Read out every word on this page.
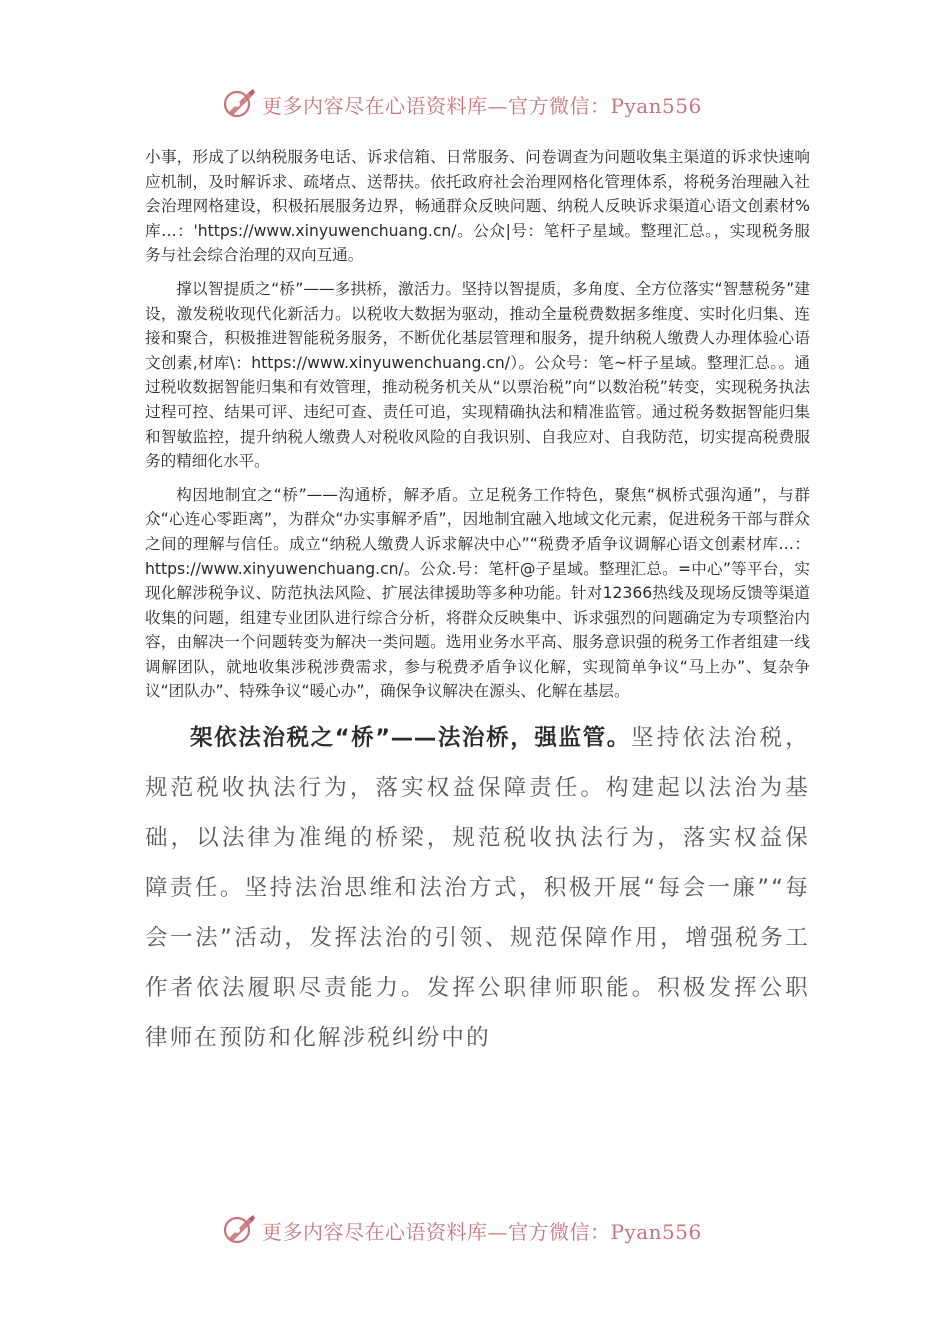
更多内容尽在心语资料库—官方微信：Pyan556

小事，形成了以纳税服务电话、诉求信箱、日常服务、问卷调查为问题收集主渠道的诉求快速响应机制，及时解诉求、疏堵点、送帮扶。依托政府社会治理网格化管理体系，将税务治理融入社会治理网格建设，积极拓展服务边界，畅通群众反映问题、纳税人反映诉求渠道心语文创素材%库…：'https://www.xinyuwenchuang.cn/。公众|号：笔杆子星域。整理汇总。，实现税务服务与社会综合治理的双向互通。

撑以智提质之“桥”——多拱桥，激活力。坚持以智提质，多角度、全方位落实“智慧税务”建设，激发税收现代化新活力。以税收大数据为驱动，推动全量税费数据多维度、实时化归集、连接和聚合，积极推进智能税务服务，不断优化基层管理和服务，提升纳税人缴费人办理体验心语文创素,材库\：https://www.xinyuwenchuang.cn/）。公众号：笔~杆子星域。整理汇总。。通过税收数据智能归集和有效管理，推动税务机关从“以票治税”向“以数治税”转变，实现税务执法过程可控、结果可评、违纪可查、责任可追，实现精确执法和精准监管。通过税务数据智能归集和智敏监控，提升纳税人缴费人对税收风险的自我识别、自我应对、自我防范，切实提高税费服务的精细化水平。

构因地制宜之“桥”——沟通桥，解矛盾。立足税务工作特色，聚焦“枫桥式强沟通”，与群众“心连心零距离”，为群众“办实事解矛盾”，因地制宜融入地域文化元素，促进税务干部与群众之间的理解与信任。成立“纳税人缴费人诉求解决中心”“税费矛盾争议调解心语文创素材库…：https://www.xinyuwenchuang.cn/。公众.号：笔杆@子星域。整理汇总。=中心”等平台，实现化解涉税争议、防范执法风险、扩展法律援助等多种功能。针对12366热线及现场反馈等渠道收集的问题，组建专业团队进行综合分析，将群众反映集中、诉求强烈的问题确定为专项整治内容，由解决一个问题转变为解决一类问题。选用业务水平高、服务意识强的税务工作者组建一线调解团队，就地收集涉税涉费需求，参与税费矛盾争议化解，实现简单争议“马上办”、复杂争议“团队办”、特殊争议“暖心办”，确保争议解决在源头、化解在基层。

架依法治税之“桥”——法治桥，强监管。坚持依法治税，规范税收执法行为，落实权益保障责任。构建起以法治为基础，以法律为准绳的桥梁，规范税收执法行为，落实权益保障责任。坚持法治思维和法治方式，积极开展“每会一廉”“每会一法”活动，发挥法治的引领、规范保障作用，增强税务工作者依法履职尽责能力。发挥公职律师职能。积极发挥公职律师在预防和化解涉税纠纷中的

更多内容尽在心语资料库—官方微信：Pyan556
